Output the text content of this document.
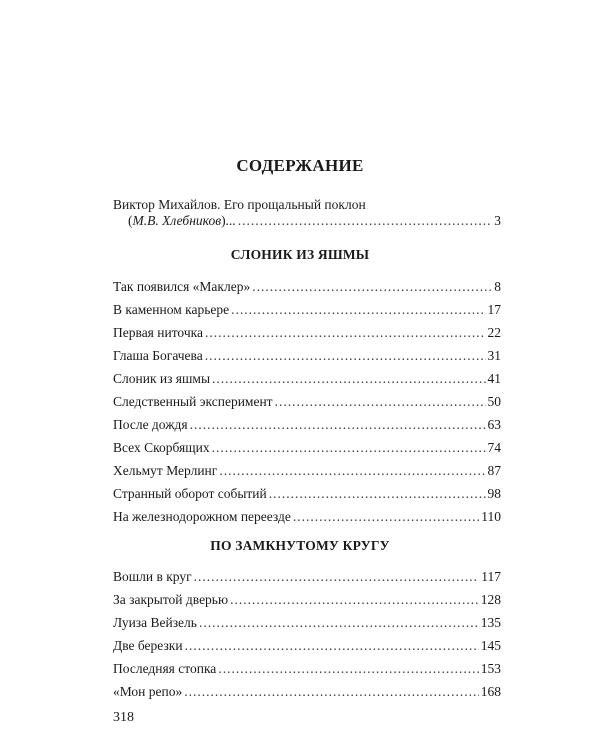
СОДЕРЖАНИЕ
Виктор Михайлов. Его прощальный поклон
(М.В. Хлебников)... .....	3
СЛОНИК ИЗ ЯШМЫ
Так появился «Маклер» .....	8
В каменном карьере .....	17
Первая ниточка .....	22
Глаша Богачева .....	31
Слоник из яшмы .....	41
Следственный эксперимент .....	50
После дождя .....	63
Всех Скорбящих .....	74
Хельмут Мерлинг .....	87
Странный оборот событий .....	98
На железнодорожном переезде .....	110
ПО ЗАМКНУТОМУ КРУГУ
Вошли в круг .....	117
За закрытой дверью .....	128
Луиза Вейзель .....	135
Две березки .....	145
Последняя стопка .....	153
«Мон репо» .....	168
318
